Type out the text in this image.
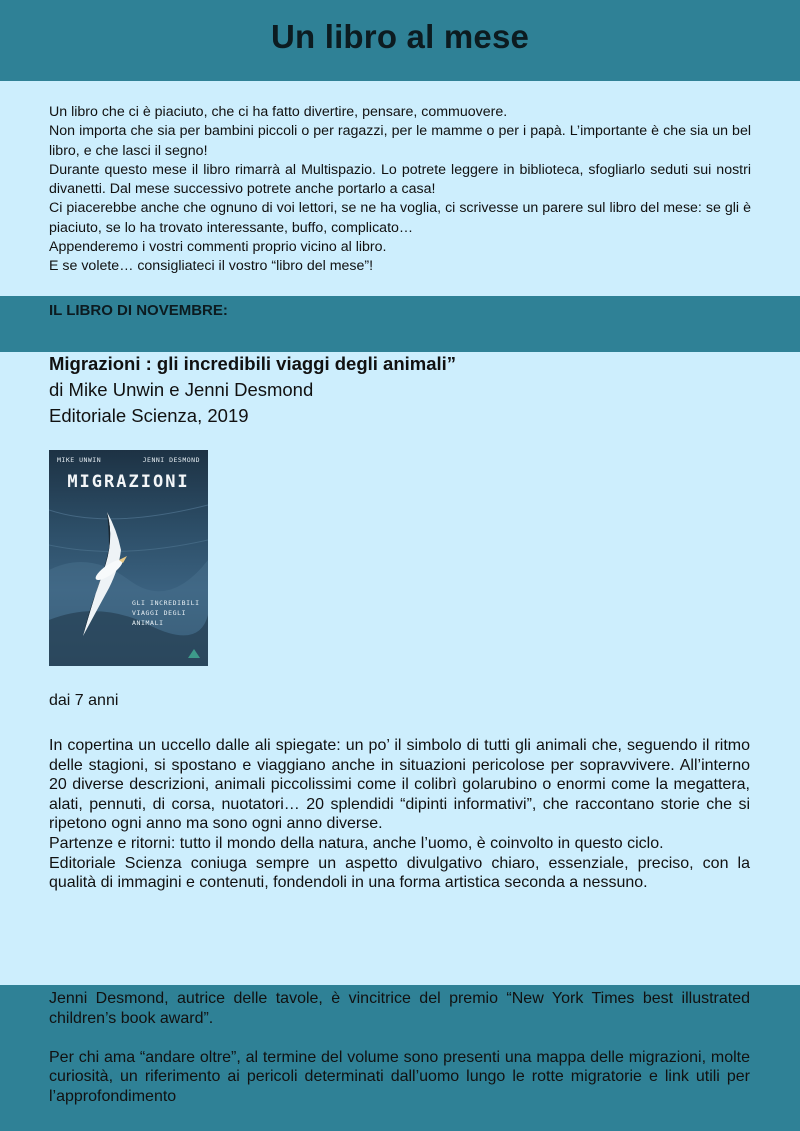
Un libro al mese

Un libro che ci è piaciuto, che ci ha fatto divertire, pensare, commuovere.

Non importa che sia per bambini piccoli o per ragazzi, per le mamme o per i papà. L’importante è che sia un bel libro, e che lasci il segno!

Durante questo mese il libro rimarrà al Multispazio. Lo potrete leggere in biblioteca, sfogliarlo seduti sui nostri divanetti. Dal mese successivo potrete anche portarlo a casa!

Ci piacerebbe anche che ognuno di voi lettori, se ne ha voglia, ci scrivesse un parere sul libro del mese: se gli è piaciuto, se lo ha trovato interessante, buffo, complicato…

Appenderemo i vostri commenti proprio vicino al libro.

E se volete… consigliateci il vostro “libro del mese”!

IL LIBRO DI NOVEMBRE:
Migrazioni : gli incredibili viaggi degli animali”
di Mike Unwin e Jenni Desmond
Editoriale Scienza, 2019
MIKE UNWIN	JENNI DESMOND
MIGRAZIONI
GLI INCREDIBILI
VIAGGI DEGLI
ANIMALI
dai 7 anni

In copertina un uccello dalle ali spiegate: un po’ il simbolo di tutti gli animali che, seguendo il ritmo delle stagioni, si spostano e viaggiano anche in situazioni pericolose per sopravvivere. All’interno 20 diverse descrizioni, animali piccolissimi come il colibrì golarubino o enormi come la megattera, alati, pennuti, di corsa, nuotatori… 20 splendidi “dipinti informativi”, che raccontano storie che si ripetono ogni anno ma sono ogni anno diverse.

Partenze e ritorni: tutto il mondo della natura, anche l’uomo, è coinvolto in questo ciclo.

Editoriale Scienza coniuga sempre un aspetto divulgativo chiaro, essenziale, preciso, con la qualità di immagini e contenuti, fondendoli in una forma artistica seconda a nessuno.

Jenni Desmond, autrice delle tavole, è vincitrice del premio “New York Times best illustrated children’s book award”.

Per chi ama “andare oltre”, al termine del volume sono presenti una mappa delle migrazioni, molte curiosità, un riferimento ai pericoli determinati dall’uomo lungo le rotte migratorie e link utili per l’approfondimento
